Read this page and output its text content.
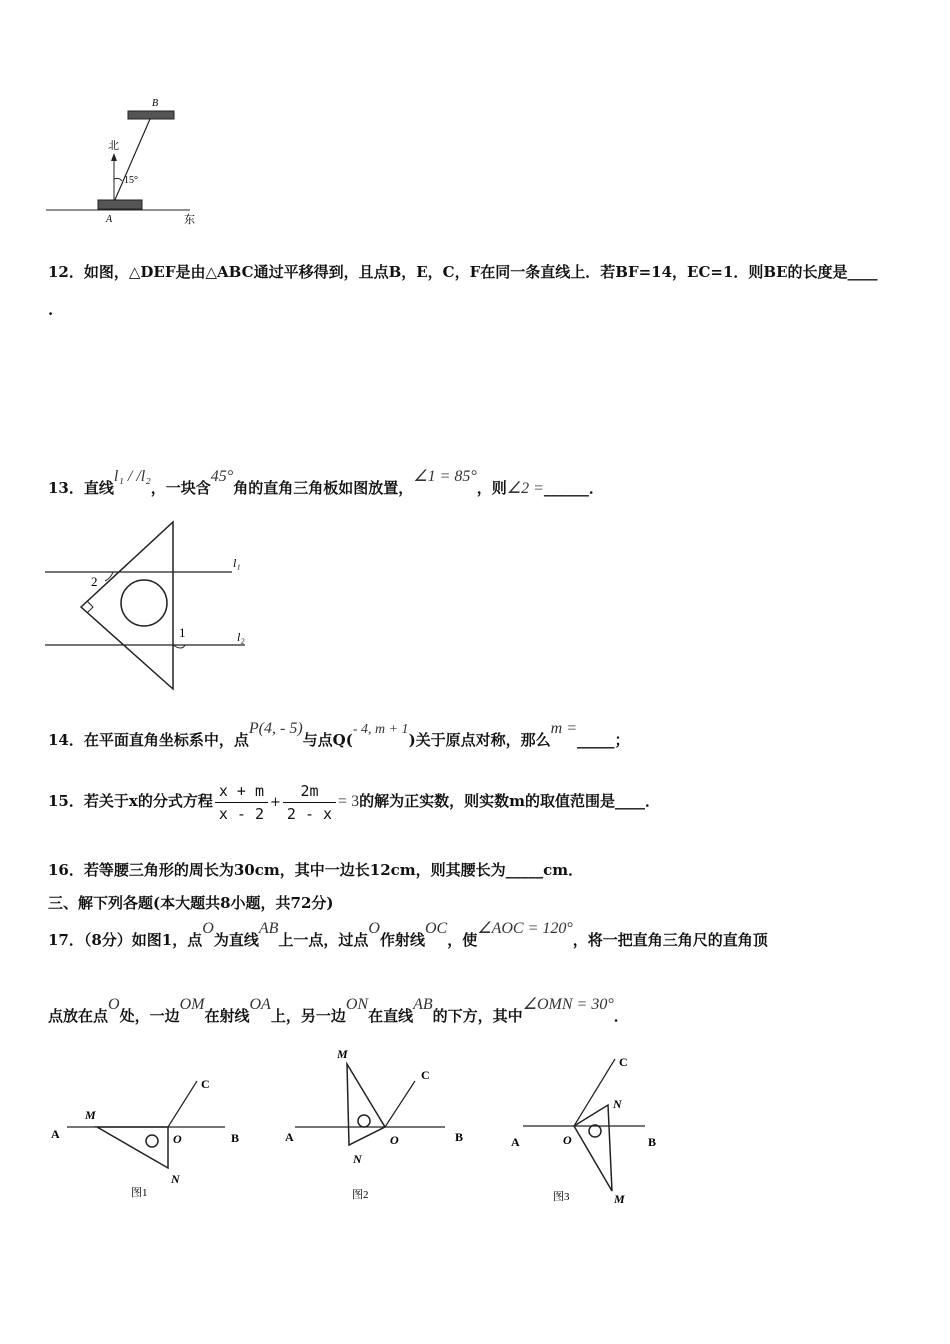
B
北
15°
A	东
12．如图，△DEF是由△ABC通过平移得到，且点B，E，C，F在同一条直线上．若BF=14，EC=1．则BE的长度是____
.
13．直线l₁ / /l₂，一块含45°角的直角三角板如图放置，∠1 = 85°，则∠2 =______．
l₁
l₂
2
1
14．在平面直角坐标系中，点P(4, - 5)与点Q(- 4, m + 1)关于原点对称，那么m =_____；
15．若关于x的分式方程 $\frac{x + m}{x - 2} + \frac{2m}{2 - x} = 3$的解为正实数，则实数m的取值范围是____．
16．若等腰三角形的周长为30cm，其中一边长12cm，则其腰长为_____cm．
三、解下列各题(本大题共8小题，共72分)
17．（8分）如图1，点O为直线AB上一点，过点O作射线OC，使∠AOC = 120°，将一把直角三角尺的直角顶
点放在点O处，一边OM在射线OA上，另一边ON在直线AB的下方，其中∠OMN = 30°．
A	B
C
M
O
N
图1
A	B
C
M
O
N
图2
A	B
C
N
O
M
图3
